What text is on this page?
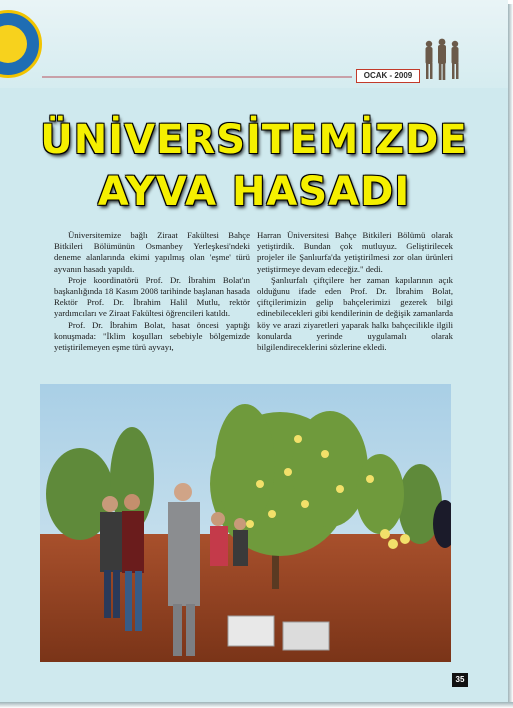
OCAK - 2009
ÜNİVERSİTEMİZDE
AYVA HASADI

Üniversitemize bağlı Ziraat Fakültesi Bahçe Bitkileri Bölümünün Osmanbey Yerleşkesi'ndeki deneme alanlarında ekimi yapılmış olan 'eşme' türü ayvanın hasadı yapıldı.

Proje koordinatörü Prof. Dr. İbrahim Bolat'ın başkanlığında 18 Kasım 2008 tarihinde başlanan hasada Rektör Prof. Dr. İbrahim Halil Mutlu, rektör yardımcıları ve Ziraat Fakültesi öğrencileri katıldı.

Prof. Dr. İbrahim Bolat, hasat öncesi yaptığı konuşmada: "İklim koşulları sebebiyle bölgemizde yetiştirilemeyen eşme türü ayvayı,

Harran Üniversitesi Bahçe Bitkileri Bölümü olarak yetiştirdik. Bundan çok mutluyuz. Geliştirilecek projeler ile Şanlıurfa'da yetiştirilmesi zor olan ürünleri yetiştirmeye devam edeceğiz." dedi.

Şanlıurfalı çiftçilere her zaman kapılarının açık olduğunu ifade eden Prof. Dr. İbrahim Bolat, çiftçilerimizin gelip bahçelerimizi gezerek bilgi edinebilecekleri gibi kendilerinin de değişik zamanlarda köy ve arazi ziyaretleri yaparak halkı bahçecilikle ilgili konularda yerinde uygulamalı olarak bilgilendireceklerini sözlerine ekledi.

35
